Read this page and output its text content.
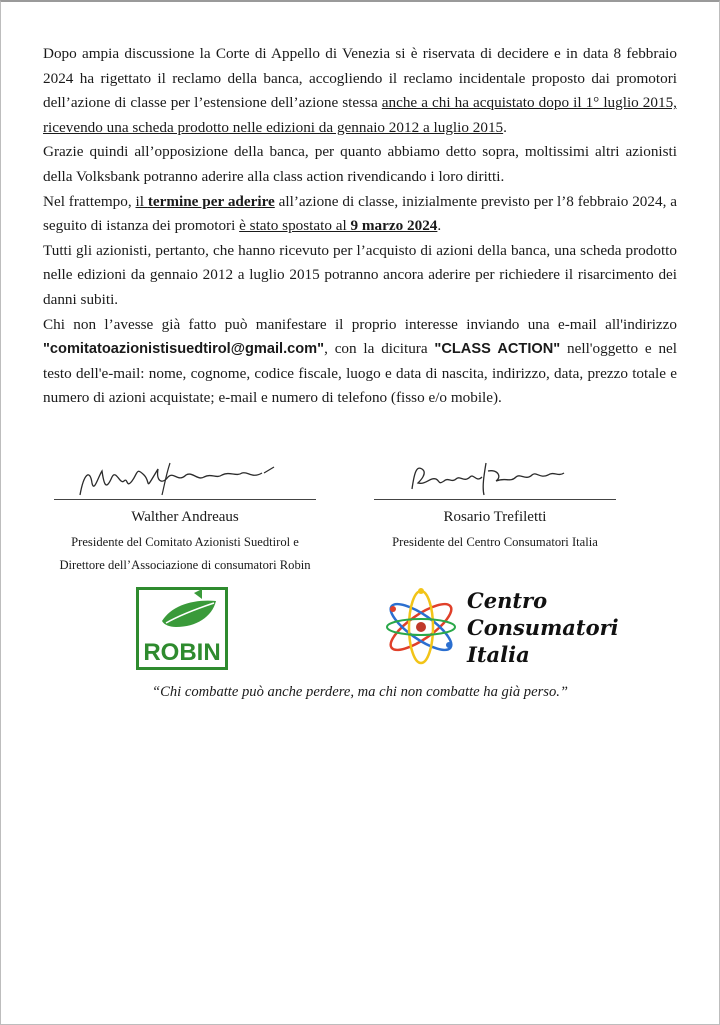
Dopo ampia discussione la Corte di Appello di Venezia si è riservata di decidere e in data 8 febbraio 2024 ha rigettato il reclamo della banca, accogliendo il reclamo incidentale proposto dai promotori dell’azione di classe per l’estensione dell’azione stessa anche a chi ha acquistato dopo il 1° luglio 2015, ricevendo una scheda prodotto nelle edizioni da gennaio 2012 a luglio 2015.

Grazie quindi all’opposizione della banca, per quanto abbiamo detto sopra, moltissimi altri azionisti della Volksbank potranno aderire alla class action rivendicando i loro diritti.

Nel frattempo, il termine per aderire all’azione di classe, inizialmente previsto per l’8 febbraio 2024, a seguito di istanza dei promotori è stato spostato al 9 marzo 2024.

Tutti gli azionisti, pertanto, che hanno ricevuto per l’acquisto di azioni della banca, una scheda prodotto nelle edizioni da gennaio 2012 a luglio 2015 potranno ancora aderire per richiedere il risarcimento dei danni subiti.

Chi non l’avesse già fatto può manifestare il proprio interesse inviando una e-mail all'indirizzo "comitatoazionistisuedtirol@gmail.com", con la dicitura "CLASS ACTION" nell'oggetto e nel testo dell'e-mail: nome, cognome, codice fiscale, luogo e data di nascita, indirizzo, data, prezzo totale e numero di azioni acquistate; e-mail e numero di telefono (fisso e/o mobile).

Walther Andreaus
Presidente del Comitato Azionisti Suedtirol e
Direttore dell’Associazione di consumatori Robin
Rosario Trefiletti
Presidente del Centro Consumatori Italia
ROBIN
Centro
Consumatori
Italia
“Chi combatte può anche perdere, ma chi non combatte ha già perso.”
